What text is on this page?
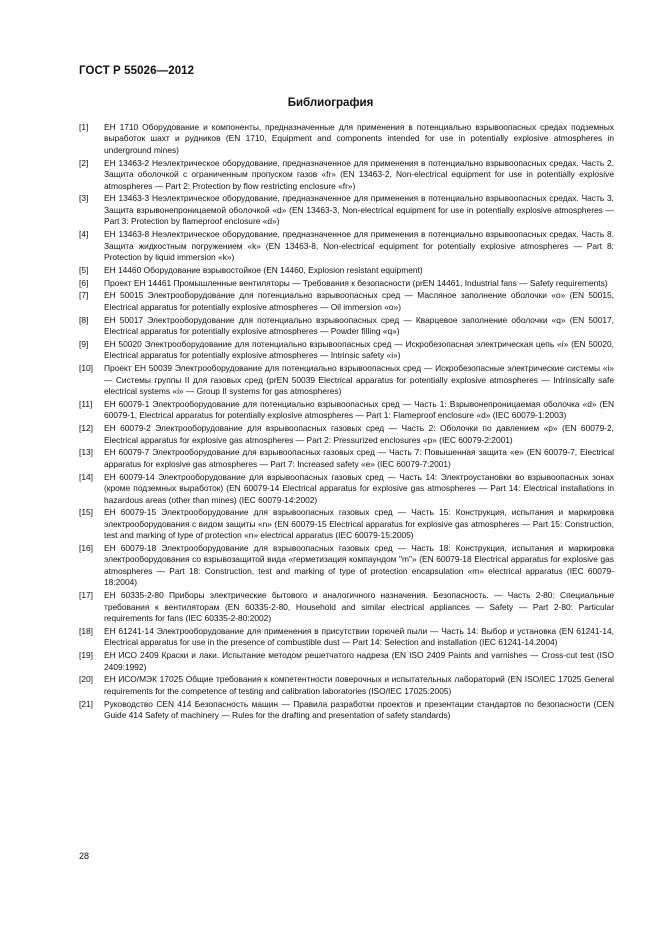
ГОСТ Р 55026—2012
Библиография
[1]	ЕН 1710 Оборудование и компоненты, предназначенные для применения в потенциально взрывоопасных средах подземных выработок шахт и рудников (EN 1710, Equipment and components intended for use in potentially explosive atmospheres in underground mines)
[2]	ЕН 13463-2 Неэлектрическое оборудование, предназначенное для применения в потенциально взрывоопасных средах. Часть 2. Защита оболочкой с ограниченным пропуском газов «fr» (EN 13463-2, Non-electrical equipment for use in potentially explosive atmospheres — Part 2: Protection by flow restricting enclosure «fr»)
[3]	ЕН 13463-3 Неэлектрическое оборудование, предназначенное для применения в потенциально взрывоопасных средах. Часть 3. Защита взрывонепроницаемой оболочкой «d» (EN 13463-3, Non-electrical equipment for use in potentially explosive atmospheres — Part 3: Protection by flameproof enclosure «d»)
[4]	ЕН 13463-8 Неэлектрическое оборудование, предназначенное для применения в потенциально взрывоопасных средах. Часть 8. Защита жидкостным погружением «k» (EN 13463-8, Non-electrical equipment for potentially explosive atmospheres — Part 8: Protection by liquid immersion «k»)
[5]	ЕН 14460 Оборудование взрывостойкое (EN 14460, Explosion resistant equipment)
[6]	Проект ЕН 14461 Промышленные вентиляторы — Требования к безопасности (prEN 14461, Industrial fans — Safety requirements)
[7]	ЕН 50015 Электрооборудование для потенциально взрывоопасных сред — Масляное заполнение оболочки «о» (EN 50015, Electrical apparatus for potentially explosive atmospheres — Oil immersion «о»)
[8]	ЕН 50017 Электрооборудование для потенциально взрывоопасных сред — Кварцевое заполнение оболочки «q» (EN 50017, Electrical apparatus for potentially explosive atmospheres — Powder filling «q»)
[9]	ЕН 50020 Электрооборудование для потенциально взрывоопасных сред — Искробезопасная электрическая цепь «i» (EN 50020, Electrical apparatus for potentially explosive atmospheres — Intrinsic safety «i»)
[10]	Проект ЕН 50039 Электрооборудование для потенциально взрывоопасных сред — Искробезопасные электрические системы «i» — Системы группы II для газовых сред (prEN 50039 Electrical apparatus for potentially explosive atmospheres — Intrinsically safe electrical systems «i» — Group II systems for gas atmospheres)
[11]	ЕН 60079-1 Электрооборудование для потенциально взрывоопасных сред — Часть 1: Взрывонепроницаемая оболочка «d» (EN 60079-1, Electrical apparatus for potentially explosive atmospheres — Part 1: Flameproof enclosure «d» (IEC 60079-1:2003)
[12]	ЕН 60079-2 Электрооборудование для взрывоопасных газовых сред — Часть 2: Оболочки по давлением «р» (EN 60079-2, Electrical apparatus for explosive gas atmospheres — Part 2: Pressurized enclosures «p» (IEC 60079-2:2001)
[13]	ЕН 60079-7 Электрооборудование для взрывоопасных газовых сред — Часть 7: Повышенная защита «е» (EN 60079-7, Electrical apparatus for explosive gas atmospheres — Part 7: Increased safety «е» (IEC 60079-7:2001)
[14]	ЕН 60079-14 Электрооборудование для взрывоопасных газовых сред — Часть 14: Электроустановки во взрывоопасных зонах (кроме подземных выработок) (EN 60079-14 Electrical apparatus for explosive gas atmospheres — Part 14: Electrical installations in hazardous areas (other than mines) (IEC 60079-14:2002)
[15]	ЕН 60079-15 Электрооборудование для взрывоопасных газовых сред — Часть 15: Конструкция, испытания и маркировка электрооборудования с видом защиты «n» (EN 60079-15 Electrical apparatus for explosive gas atmospheres — Part 15: Construction, test and marking of type of protection «n» electrical apparatus (IEC 60079-15:2005)
[16]	ЕН 60079-18 Электрооборудование для взрывоопасных газовых сред — Часть 18: Конструкция, испытания и маркировка электрооборудования со взрывозащитой вида «герметизация компаундом "m"» (EN 60079-18 Electrical apparatus for explosive gas atmospheres — Part 18: Construction, test and marking of type of protection encapsulation «m» electrical apparatus (IEC 60079-18:2004)
[17]	ЕН 60335-2-80 Приборы электрические бытового и аналогичного назначения. Безопасность. — Часть 2-80: Специальные требования к вентиляторам (EN 60335-2-80, Household and similar electrical appliances — Safety — Part 2-80: Particular requirements for fans (IEC 60335-2-80:2002)
[18]	ЕН 61241-14 Электрооборудование для применения в присутствии горючей пыли — Часть 14: Выбор и установка (EN 61241-14, Electrical apparatus for use in the presence of combustible dust — Part 14: Selection and installation (IEC 61241-14.2004)
[19]	ЕН ИСО 2409 Краски и лаки. Испытание методом решетчатого надреза (EN ISO 2409 Paints and varnishes — Cross-cut test (ISO 2409:1992)
[20]	ЕН ИСО/МЭК 17025 Общие требования к компетентности поверочных и испытательных лабораторий (EN ISO/IEC 17025 General requirements for the competence of testing and calibration laboratories (ISO/IEC 17025:2005)
[21]	Руководство CEN 414 Безопасность машин — Правила разработки проектов и презентации стандартов по безопасности (CEN Guide 414 Safety of machinery — Rules for the drafting and presentation of safety standards)
28
